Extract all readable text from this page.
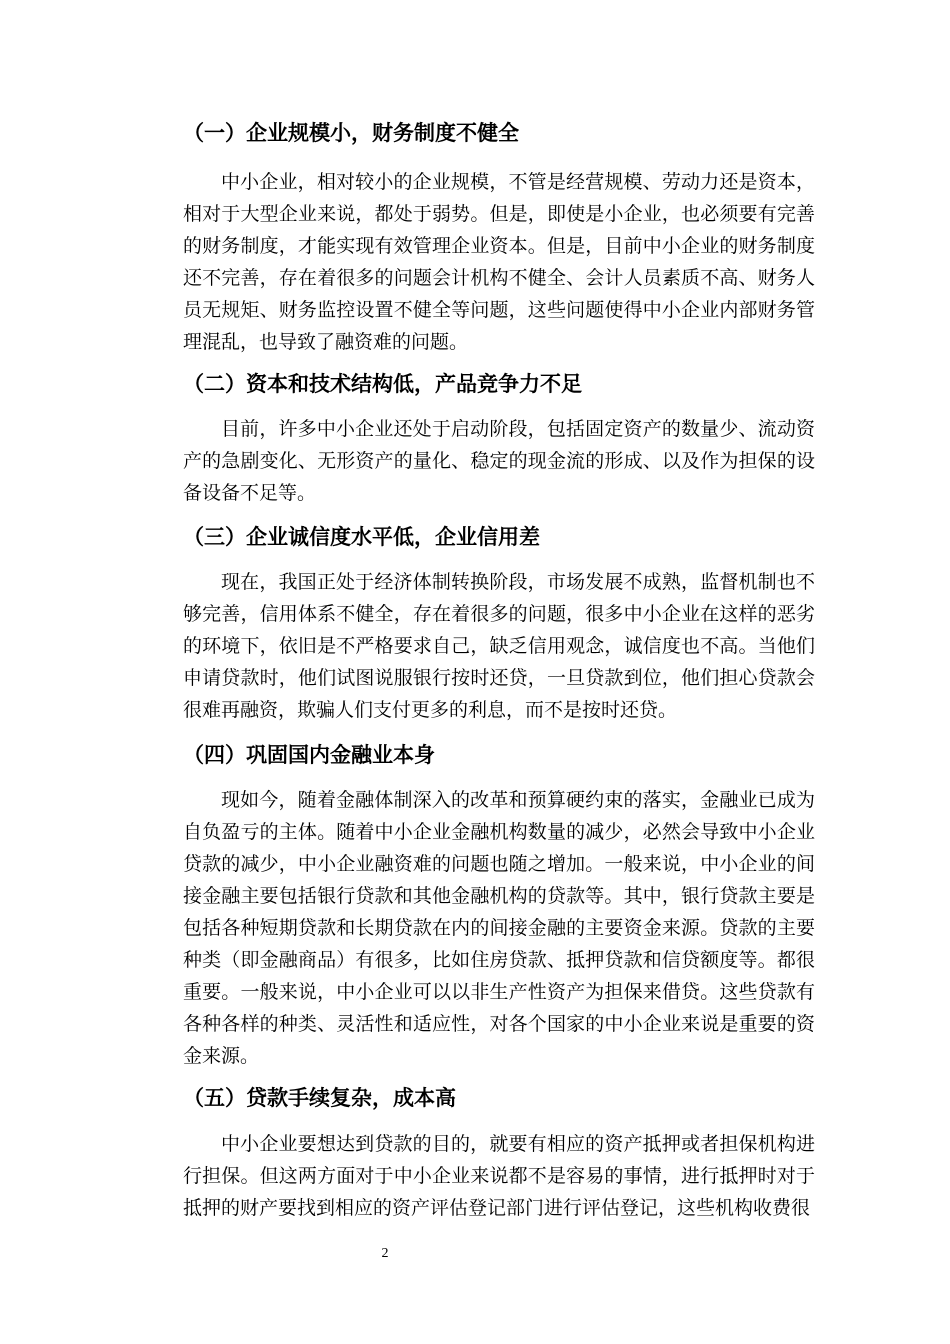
（一）企业规模小，财务制度不健全

中小企业，相对较小的企业规模，不管是经营规模、劳动力还是资本，相对于大型企业来说，都处于弱势。但是，即使是小企业，也必须要有完善的财务制度，才能实现有效管理企业资本。但是，目前中小企业的财务制度还不完善，存在着很多的问题会计机构不健全、会计人员素质不高、财务人员无规矩、财务监控设置不健全等问题，这些问题使得中小企业内部财务管理混乱，也导致了融资难的问题。

（二）资本和技术结构低，产品竞争力不足

目前，许多中小企业还处于启动阶段，包括固定资产的数量少、流动资产的急剧变化、无形资产的量化、稳定的现金流的形成、以及作为担保的设备设备不足等。

（三）企业诚信度水平低，企业信用差

现在，我国正处于经济体制转换阶段，市场发展不成熟，监督机制也不够完善，信用体系不健全，存在着很多的问题，很多中小企业在这样的恶劣的环境下，依旧是不严格要求自己，缺乏信用观念，诚信度也不高。当他们申请贷款时，他们试图说服银行按时还贷，一旦贷款到位，他们担心贷款会很难再融资，欺骗人们支付更多的利息，而不是按时还贷。

（四）巩固国内金融业本身

现如今，随着金融体制深入的改革和预算硬约束的落实，金融业已成为自负盈亏的主体。随着中小企业金融机构数量的减少，必然会导致中小企业贷款的减少，中小企业融资难的问题也随之增加。一般来说，中小企业的间接金融主要包括银行贷款和其他金融机构的贷款等。其中，银行贷款主要是包括各种短期贷款和长期贷款在内的间接金融的主要资金来源。贷款的主要种类（即金融商品）有很多，比如住房贷款、抵押贷款和信贷额度等。都很重要。一般来说，中小企业可以以非生产性资产为担保来借贷。这些贷款有各种各样的种类、灵活性和适应性，对各个国家的中小企业来说是重要的资金来源。

（五）贷款手续复杂，成本高

中小企业要想达到贷款的目的，就要有相应的资产抵押或者担保机构进行担保。但这两方面对于中小企业来说都不是容易的事情，进行抵押时对于抵押的财产要找到相应的资产评估登记部门进行评估登记，这些机构收费很

2
